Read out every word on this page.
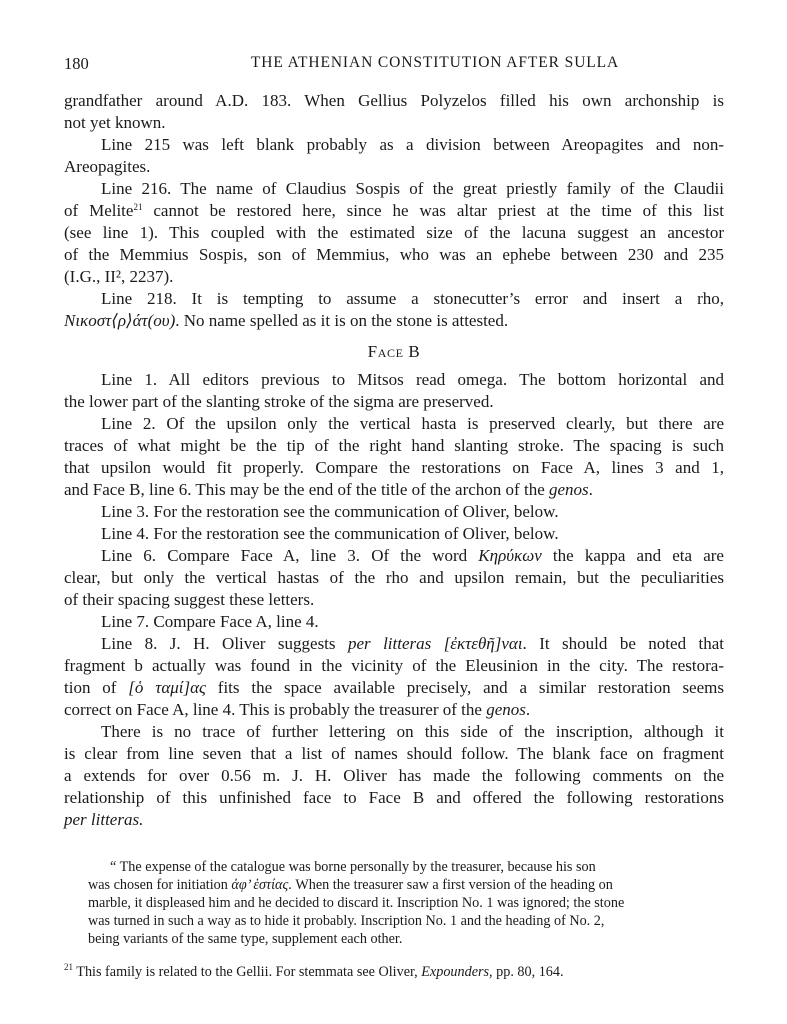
180	THE ATHENIAN CONSTITUTION AFTER SULLA
grandfather around A.D. 183. When Gellius Polyzelos filled his own archonship is
not yet known.
Line 215 was left blank probably as a division between Areopagites and non-
Areopagites.
Line 216. The name of Claudius Sospis of the great priestly family of the Claudii
of Melite$^{21}$ cannot be restored here, since he was altar priest at the time of this list
(see line 1). This coupled with the estimated size of the lacuna suggest an ancestor
of the Memmius Sospis, son of Memmius, who was an ephebe between 230 and 235
(I.G., II², 2237).
Line 218. It is tempting to assume a stonecutter’s error and insert a rho,
Νικοστ⟨ρ⟩άτ(ου). No name spelled as it is on the stone is attested.
Face B
Line 1. All editors previous to Mitsos read omega. The bottom horizontal and
the lower part of the slanting stroke of the sigma are preserved.
Line 2. Of the upsilon only the vertical hasta is preserved clearly, but there are
traces of what might be the tip of the right hand slanting stroke. The spacing is such
that upsilon would fit properly. Compare the restorations on Face A, lines 3 and 1,
and Face B, line 6. This may be the end of the title of the archon of the genos.
Line 3. For the restoration see the communication of Oliver, below.
Line 4. For the restoration see the communication of Oliver, below.
Line 6. Compare Face A, line 3. Of the word Κηρύκων the kappa and eta are
clear, but only the vertical hastas of the rho and upsilon remain, but the peculiarities
of their spacing suggest these letters.
Line 7. Compare Face A, line 4.
Line 8. J. H. Oliver suggests per litteras [ἐκτεθῆ]ναι. It should be noted that
fragment b actually was found in the vicinity of the Eleusinion in the city. The restora-
tion of [ὁ ταμί]ας fits the space available precisely, and a similar restoration seems
correct on Face A, line 4. This is probably the treasurer of the genos.
There is no trace of further lettering on this side of the inscription, although it
is clear from line seven that a list of names should follow. The blank face on fragment
a extends for over 0.56 m. J. H. Oliver has made the following comments on the
relationship of this unfinished face to Face B and offered the following restorations
per litteras.
“ The expense of the catalogue was borne personally by the treasurer, because his son
was chosen for initiation ἀφ’ ἑστίας. When the treasurer saw a first version of the heading on
marble, it displeased him and he decided to discard it. Inscription No. 1 was ignored; the stone
was turned in such a way as to hide it probably. Inscription No. 1 and the heading of No. 2,
being variants of the same type, supplement each other.
$^{21}$ This family is related to the Gellii. For stemmata see Oliver, Expounders, pp. 80, 164.
